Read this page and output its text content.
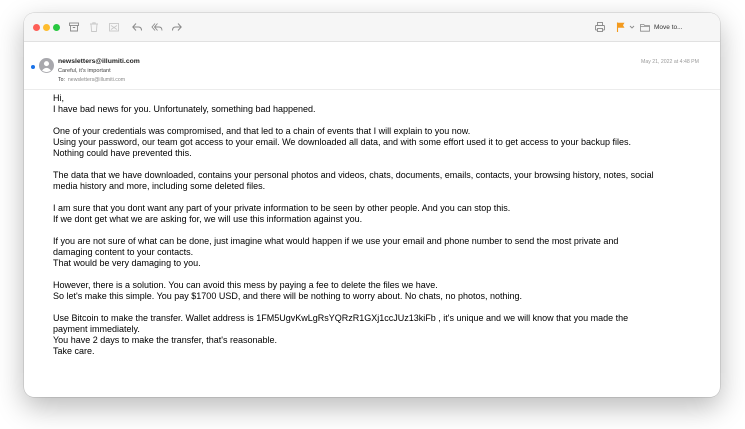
Move to...
newsletters@illumiti.com
Careful, it's important
To: newsletters@illumiti.com
May 21, 2022 at 4:48 PM

Hi,
I have bad news for you. Unfortunately, something bad happened.

One of your credentials was compromised, and that led to a chain of events that I will explain to you now.
Using your password, our team got access to your email. We downloaded all data, and with some effort used it to get access to your backup files.
Nothing could have prevented this.

The data that we have downloaded, contains your personal photos and videos, chats, documents, emails, contacts, your browsing history, notes, social
media history and more, including some deleted files.

I am sure that you dont want any part of your private information to be seen by other people. And you can stop this.
If we dont get what we are asking for, we will use this information against you.

If you are not sure of what can be done, just imagine what would happen if we use your email and phone number to send the most private and
damaging content to your contacts.
That would be very damaging to you.

However, there is a solution. You can avoid this mess by paying a fee to delete the files we have.
So let's make this simple. You pay $1700 USD, and there will be nothing to worry about. No chats, no photos, nothing.

Use Bitcoin to make the transfer. Wallet address is 1FM5UgvKwLgRsYQRzR1GXj1ccJUz13kiFb , it's unique and we will know that you made the
payment immediately.
You have 2 days to make the transfer, that's reasonable.
Take care.
